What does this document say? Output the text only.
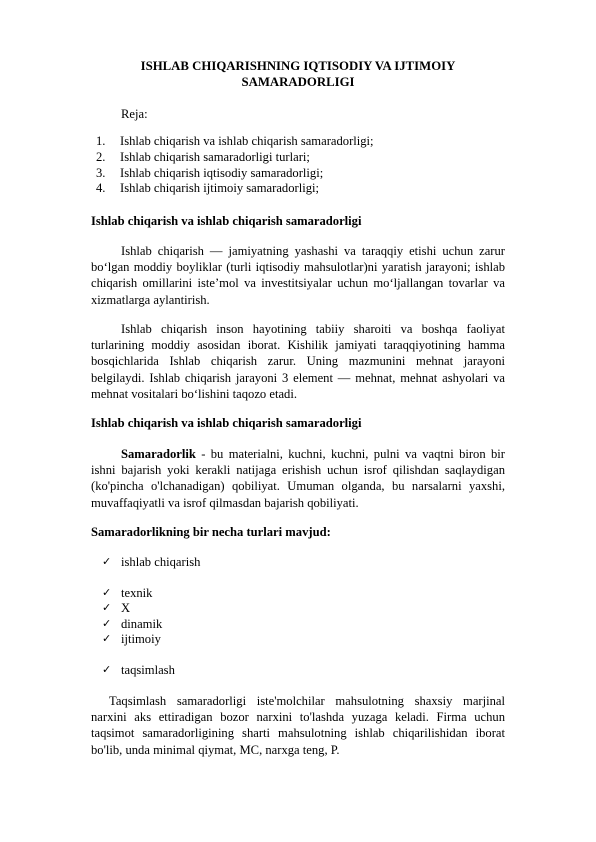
ISHLAB CHIQARISHNING IQTISODIY VA IJTIMOIY SAMARADORLIGI
Reja:
1. Ishlab chiqarish va ishlab chiqarish samaradorligi;
2. Ishlab chiqarish samaradorligi turlari;
3. Ishlab chiqarish iqtisodiy samaradorligi;
4. Ishlab chiqarish ijtimoiy samaradorligi;
Ishlab chiqarish va ishlab chiqarish samaradorligi

Ishlab chiqarish — jamiyatning yashashi va taraqqiy etishi uchun zarur boʻlgan moddiy boyliklar (turli iqtisodiy mahsulotlar)ni yaratish jarayoni; ishlab chiqarish omillarini isteʼmol va investitsiyalar uchun moʻljallangan tovarlar va xizmatlarga aylantirish.

Ishlab chiqarish inson hayotining tabiiy sharoiti va boshqa faoliyat turlarining moddiy asosidan iborat. Kishilik jamiyati taraqqiyotining hamma bosqichlarida Ishlab chiqarish zarur. Uning mazmunini mehnat jarayoni belgilaydi. Ishlab chiqarish jarayoni 3 element — mehnat, mehnat ashyolari va mehnat vositalari boʻlishini taqozo etadi.

Ishlab chiqarish va ishlab chiqarish samaradorligi

Samaradorlik - bu materialni, kuchni, kuchni, pulni va vaqtni biron bir ishni bajarish yoki kerakli natijaga erishish uchun isrof qilishdan saqlaydigan (ko'pincha o'lchanadigan) qobiliyat. Umuman olganda, bu narsalarni yaxshi, muvaffaqiyatli va isrof qilmasdan bajarish qobiliyati.

Samaradorlikning bir necha turlari mavjud:
✓ ishlab chiqarish
✓ texnik
✓ X
✓ dinamik
✓ ijtimoiy
✓ taqsimlash

Taqsimlash samaradorligi iste'molchilar mahsulotning shaxsiy marjinal narxini aks ettiradigan bozor narxini to'lashda yuzaga keladi. Firma uchun taqsimot samaradorligining sharti mahsulotning ishlab chiqarilishidan iborat bo'lib, unda minimal qiymat, MC, narxga teng, P.
